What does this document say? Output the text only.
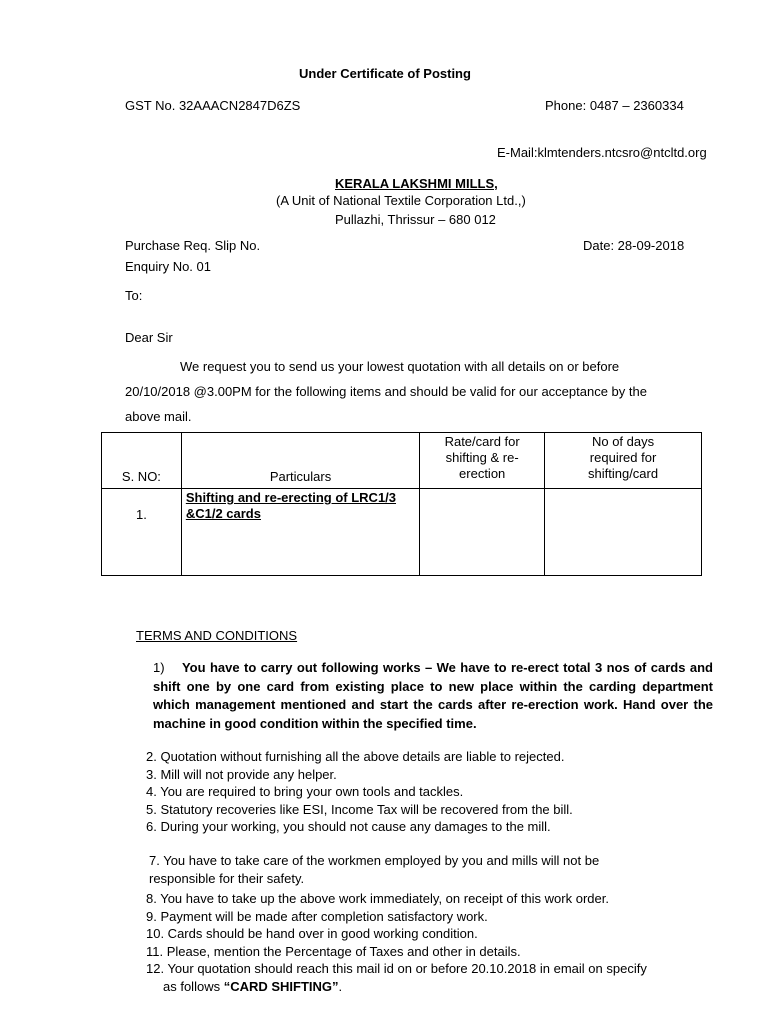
Under Certificate of Posting
GST No. 32AAACN2847D6ZS	Phone: 0487 – 2360334
E-Mail:klmtenders.ntcsro@ntcltd.org
KERALA LAKSHMI MILLS,
(A Unit of National Textile Corporation Ltd.,)
Pullazhi, Thrissur – 680 012
Purchase Req. Slip No.	Date: 28-09-2018
Enquiry No. 01
To:
Dear Sir
We request you to send us your lowest quotation with all details on or before
20/10/2018 @3.00PM for the following items and should be valid for our acceptance by the
above mail.
S. NO:	Particulars	Rate/card for shifting & re-erection	No of days required for shifting/card
1.	Shifting and re-erecting of LRC1/3 &C1/2 cards		
TERMS AND CONDITIONS
1) You have to carry out following works – We have to re-erect total 3 nos of cards and shift one by one card from existing place to new place within the carding department which management mentioned and start the cards after re-erection work. Hand over the machine in good condition within the specified time.
2. Quotation without furnishing all the above details are liable to rejected.
3. Mill will not provide any helper.
4. You are required to bring your own tools and tackles.
5. Statutory recoveries like ESI, Income Tax will be recovered from the bill.
6. During your working, you should not cause any damages to the mill.
7. You have to take care of the workmen employed by you and mills will not be
responsible for their safety.
8. You have to take up the above work immediately, on receipt of this work order.
9. Payment will be made after completion satisfactory work.
10. Cards should be hand over in good working condition.
11. Please, mention the Percentage of Taxes and other in details.
12. Your quotation should reach this mail id on or before 20.10.2018 in email on specify
as follows “CARD SHIFTING”.
